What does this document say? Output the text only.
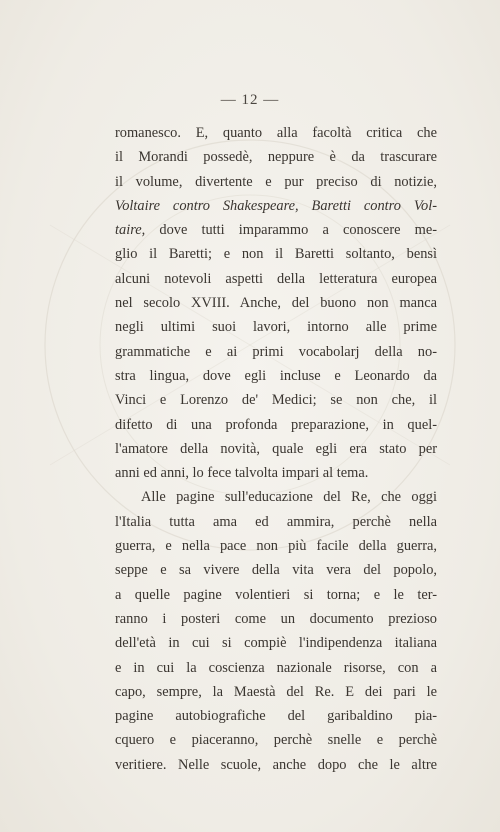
— 12 —
romanesco. E, quanto alla facoltà critica che
il Morandi possedè, neppure è da trascurare
il volume, divertente e pur preciso di notizie,
Voltaire contro Shakespeare, Baretti contro Vol-
taire, dove tutti imparammo a conoscere me-
glio il Baretti; e non il Baretti soltanto, bensì
alcuni notevoli aspetti della letteratura europea
nel secolo XVIII. Anche, del buono non manca
negli ultimi suoi lavori, intorno alle prime
grammatiche e ai primi vocabolarj della no-
stra lingua, dove egli incluse e Leonardo da
Vinci e Lorenzo de' Medici; se non che, il
difetto di una profonda preparazione, in quel-
l'amatore della novità, quale egli era stato per
anni ed anni, lo fece talvolta impari al tema.
Alle pagine sull'educazione del Re, che oggi
l'Italia tutta ama ed ammira, perchè nella
guerra, e nella pace non più facile della guerra,
seppe e sa vivere della vita vera del popolo,
a quelle pagine volentieri si torna; e le ter-
ranno i posteri come un documento prezioso
dell'età in cui si compiè l'indipendenza italiana
e in cui la coscienza nazionale risorse, con a
capo, sempre, la Maestà del Re. E dei pari le
pagine autobiografiche del garibaldino pia-
cquero e piaceranno, perchè snelle e perchè
veritiere. Nelle scuole, anche dopo che le altre
